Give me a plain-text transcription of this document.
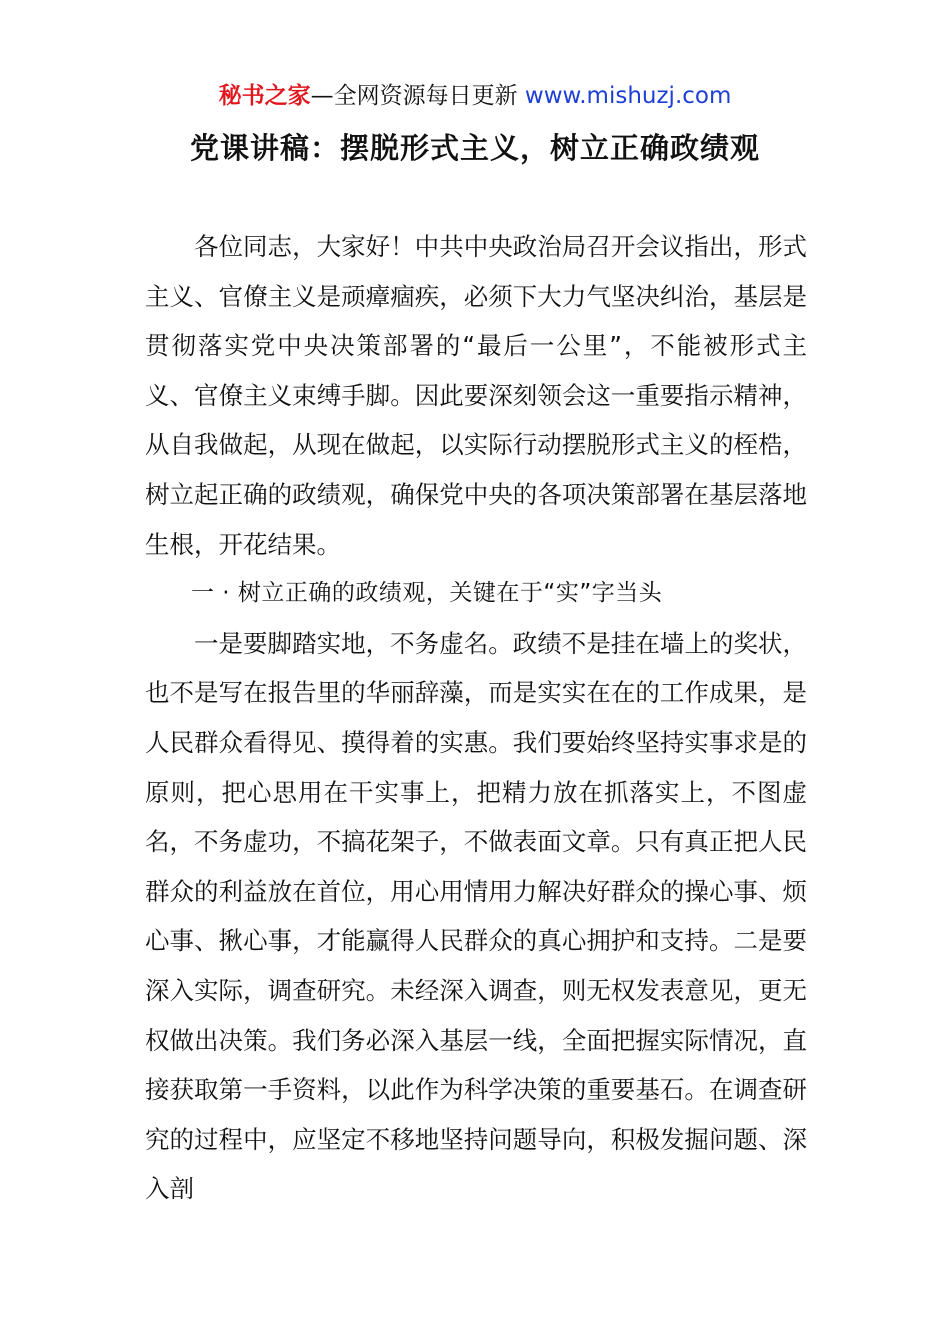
秘书之家—全网资源每日更新 www.mishuzj.com
党课讲稿：摆脱形式主义，树立正确政绩观

各位同志，大家好！中共中央政治局召开会议指出，形式主义、官僚主义是顽瘴痼疾，必须下大力气坚决纠治，基层是贯彻落实党中央决策部署的“最后一公里”，不能被形式主义、官僚主义束缚手脚。因此要深刻领会这一重要指示精神，从自我做起，从现在做起，以实际行动摆脱形式主义的桎梏，树立起正确的政绩观，确保党中央的各项决策部署在基层落地生根，开花结果。

一 · 树立正确的政绩观，关键在于“实”字当头

一是要脚踏实地，不务虚名。政绩不是挂在墙上的奖状，也不是写在报告里的华丽辞藻，而是实实在在的工作成果，是人民群众看得见、摸得着的实惠。我们要始终坚持实事求是的原则，把心思用在干实事上，把精力放在抓落实上，不图虚名，不务虚功，不搞花架子，不做表面文章。只有真正把人民群众的利益放在首位，用心用情用力解决好群众的操心事、烦心事、揪心事，才能赢得人民群众的真心拥护和支持。二是要深入实际，调查研究。未经深入调查，则无权发表意见，更无权做出决策。我们务必深入基层一线，全面把握实际情况，直接获取第一手资料，以此作为科学决策的重要基石。在调查研究的过程中，应坚定不移地坚持问题导向，积极发掘问题、深入剖
